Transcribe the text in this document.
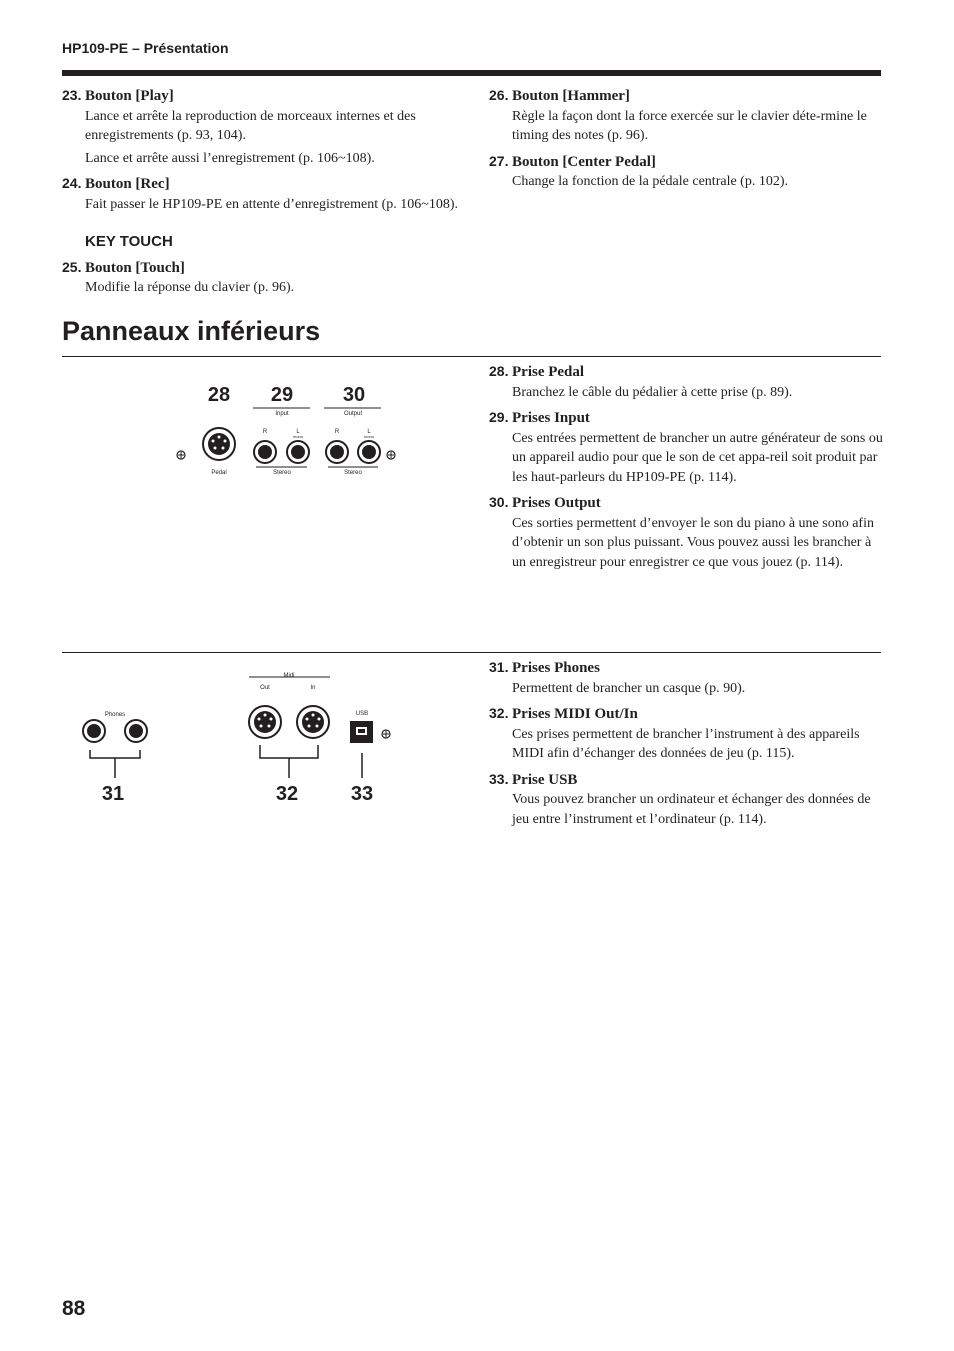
HP109-PE – Présentation
23. Bouton [Play]

Lance et arrête la reproduction de morceaux internes et des enregistrements (p. 93, 104).

Lance et arrête aussi l’enregistrement (p. 106~108).

24. Bouton [Rec]

Fait passer le HP109-PE en attente d’enregistrement (p. 106~108).

KEY TOUCH
25. Bouton [Touch]

Modifie la réponse du clavier (p. 96).

26. Bouton [Hammer]

Règle la façon dont la force exercée sur le clavier déte-rmine le timing des notes (p. 96).

27. Bouton [Center Pedal]

Change la fonction de la pédale centrale (p. 102).

Panneaux inférieurs
28 29 30
Input	Output
R	L
mono
R	L
mono
Pedal	Stereo	Stereo
28. Prise Pedal

Branchez le câble du pédalier à cette prise (p. 89).

29. Prises Input

Ces entrées permettent de brancher un autre générateur de sons ou un appareil audio pour que le son de cet appa-reil soit produit par les haut-parleurs du HP109-PE (p. 114).

30. Prises Output

Ces sorties permettent d’envoyer le son du piano à une sono afin d’obtenir un son plus puissant. Vous pouvez aussi les brancher à un enregistreur pour enregistrer ce que vous jouez (p. 114).

Phones
31
Midi
Out	In
32
USB
33
31. Prises Phones

Permettent de brancher un casque (p. 90).

32. Prises MIDI Out/In

Ces prises permettent de brancher l’instrument à des appareils MIDI afin d’échanger des données de jeu (p. 115).

33. Prise USB

Vous pouvez brancher un ordinateur et échanger des données de jeu entre l’instrument et l’ordinateur (p. 114).

88
